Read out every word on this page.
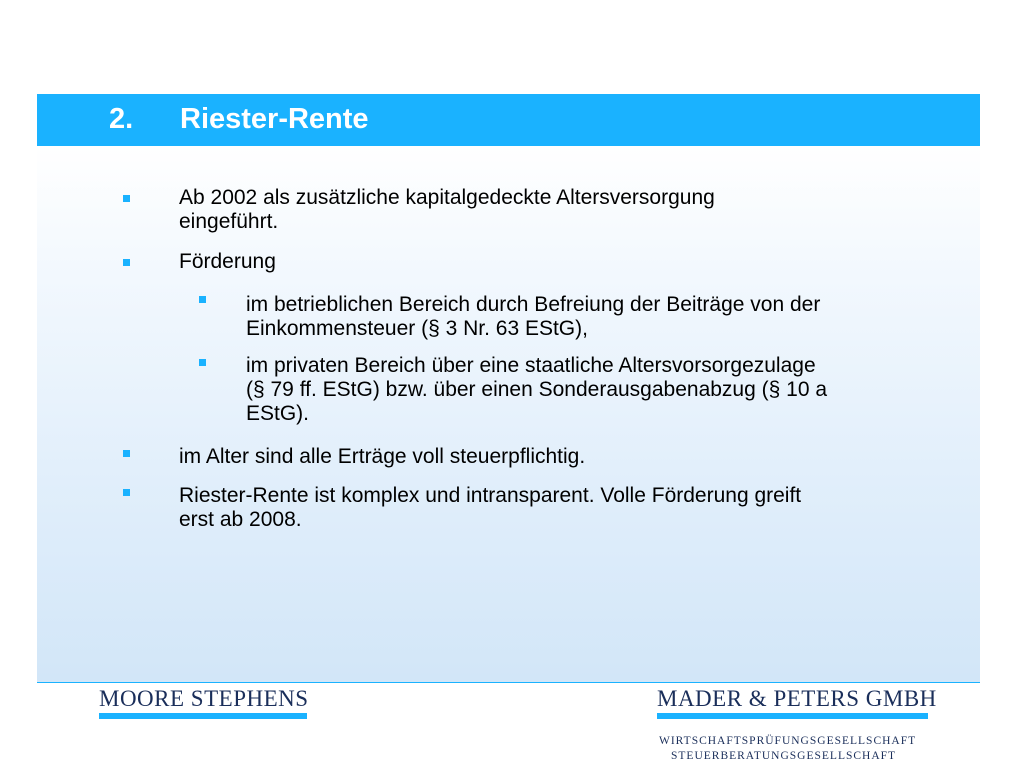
2. Riester-Rente
Ab 2002 als zusätzliche kapitalgedeckte Altersversorgung
eingeführt.
Förderung
im betrieblichen Bereich durch Befreiung der Beiträge von der
Einkommensteuer (§ 3 Nr. 63 EStG),
im privaten Bereich über eine staatliche Altersvorsorgezulage
(§ 79 ff. EStG) bzw. über einen Sonderausgabenabzug (§ 10 a
EStG).
im Alter sind alle Erträge voll steuerpflichtig.
Riester-Rente ist komplex und intransparent. Volle Förderung greift
erst ab 2008.
MOORE STEPHENS	MADER & PETERS GMBH
WIRTSCHAFTSPRÜFUNGSGESELLSCHAFT
STEUERBERATUNGSGESELLSCHAFT
